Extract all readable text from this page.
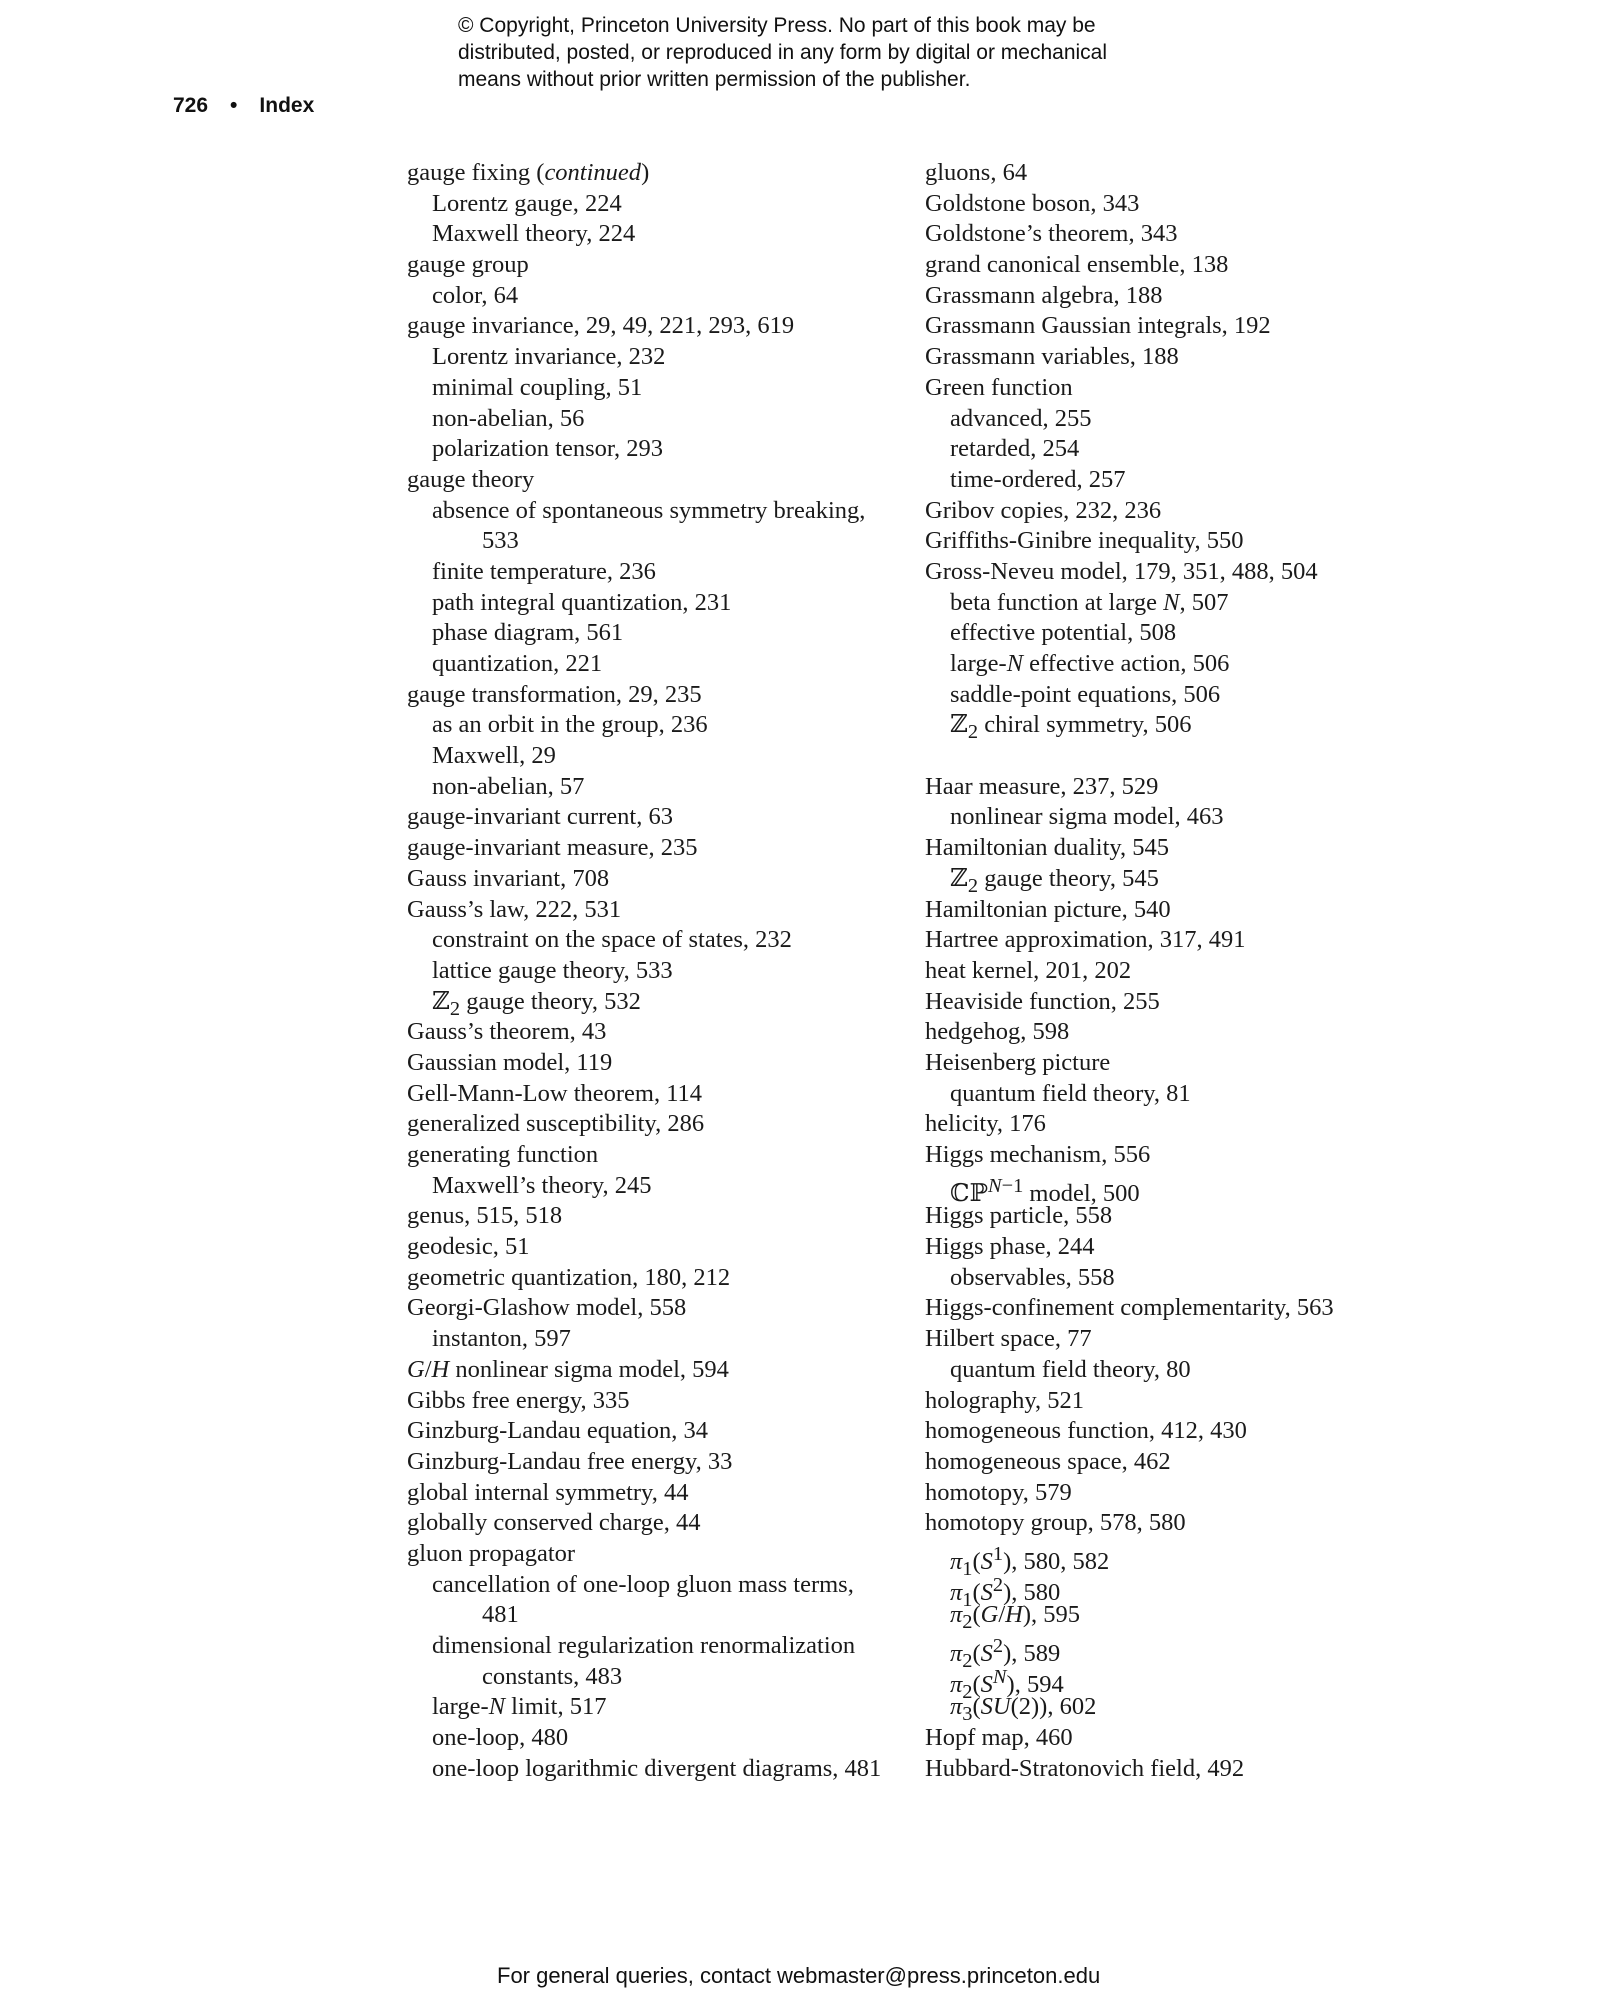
© Copyright, Princeton University Press. No part of this book may be
distributed, posted, or reproduced in any form by digital or mechanical
means without prior written permission of the publisher.
726 • Index
gauge fixing (continued)
Lorentz gauge, 224
Maxwell theory, 224
gauge group
color, 64
gauge invariance, 29, 49, 221, 293, 619
Lorentz invariance, 232
minimal coupling, 51
non-abelian, 56
polarization tensor, 293
gauge theory
absence of spontaneous symmetry breaking,
533
finite temperature, 236
path integral quantization, 231
phase diagram, 561
quantization, 221
gauge transformation, 29, 235
as an orbit in the group, 236
Maxwell, 29
non-abelian, 57
gauge-invariant current, 63
gauge-invariant measure, 235
Gauss invariant, 708
Gauss’s law, 222, 531
constraint on the space of states, 232
lattice gauge theory, 533
ℤ$_2$ gauge theory, 532
Gauss’s theorem, 43
Gaussian model, 119
Gell-Mann-Low theorem, 114
generalized susceptibility, 286
generating function
Maxwell’s theory, 245
genus, 515, 518
geodesic, 51
geometric quantization, 180, 212
Georgi-Glashow model, 558
instanton, 597
G/H nonlinear sigma model, 594
Gibbs free energy, 335
Ginzburg-Landau equation, 34
Ginzburg-Landau free energy, 33
global internal symmetry, 44
globally conserved charge, 44
gluon propagator
cancellation of one-loop gluon mass terms,
481
dimensional regularization renormalization
constants, 483
large-N limit, 517
one-loop, 480
one-loop logarithmic divergent diagrams, 481
gluons, 64
Goldstone boson, 343
Goldstone’s theorem, 343
grand canonical ensemble, 138
Grassmann algebra, 188
Grassmann Gaussian integrals, 192
Grassmann variables, 188
Green function
advanced, 255
retarded, 254
time-ordered, 257
Gribov copies, 232, 236
Griffiths-Ginibre inequality, 550
Gross-Neveu model, 179, 351, 488, 504
beta function at large N, 507
effective potential, 508
large-N effective action, 506
saddle-point equations, 506
ℤ$_2$ chiral symmetry, 506
Haar measure, 237, 529
nonlinear sigma model, 463
Hamiltonian duality, 545
ℤ$_2$ gauge theory, 545
Hamiltonian picture, 540
Hartree approximation, 317, 491
heat kernel, 201, 202
Heaviside function, 255
hedgehog, 598
Heisenberg picture
quantum field theory, 81
helicity, 176
Higgs mechanism, 556
ℂℙ$^{N-1}$ model, 500
Higgs particle, 558
Higgs phase, 244
observables, 558
Higgs-confinement complementarity, 563
Hilbert space, 77
quantum field theory, 80
holography, 521
homogeneous function, 412, 430
homogeneous space, 462
homotopy, 579
homotopy group, 578, 580
$\pi_1(S^1)$, 580, 582
$\pi_1(S^2)$, 580
$\pi_2(G/H)$, 595
$\pi_2(S^2)$, 589
$\pi_2(S^N)$, 594
$\pi_3(SU(2))$, 602
Hopf map, 460
Hubbard-Stratonovich field, 492
For general queries, contact webmaster@press.princeton.edu
